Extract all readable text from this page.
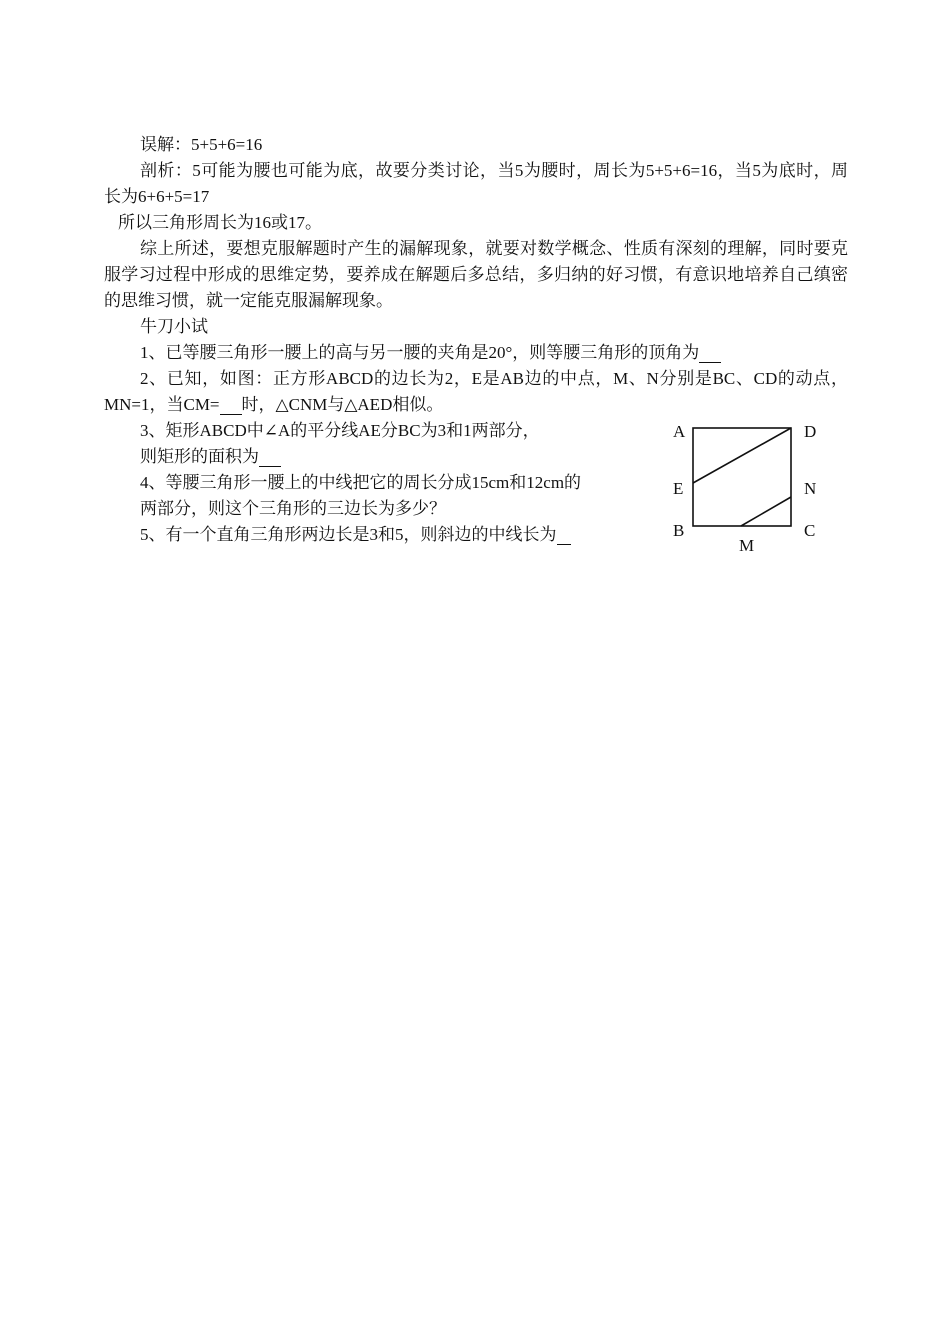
误解：5+5+6=16

剖析：5可能为腰也可能为底，故要分类讨论，当5为腰时，周长为5+5+6=16，当5为底时，周长为6+6+5=17

所以三角形周长为16或17。

综上所述，要想克服解题时产生的漏解现象，就要对数学概念、性质有深刻的理解，同时要克服学习过程中形成的思维定势，要养成在解题后多总结，多归纳的好习惯，有意识地培养自己缜密的思维习惯，就一定能克服漏解现象。

牛刀小试

1、已等腰三角形一腰上的高与另一腰的夹角是20°，则等腰三角形的顶角为

2、已知，如图：正方形ABCD的边长为2，E是AB边的中点，M、N分别是BC、CD的动点，MN=1，当CM= 时，△CNM与△AED相似。

3、矩形ABCD中∠A的平分线AE分BC为3和1两部分，

则矩形的面积为

4、等腰三角形一腰上的中线把它的周长分成15cm和12cm的

两部分，则这个三角形的三边长为多少？

5、有一个直角三角形两边长是3和5，则斜边的中线长为

A	D
E	N
B	C
M
